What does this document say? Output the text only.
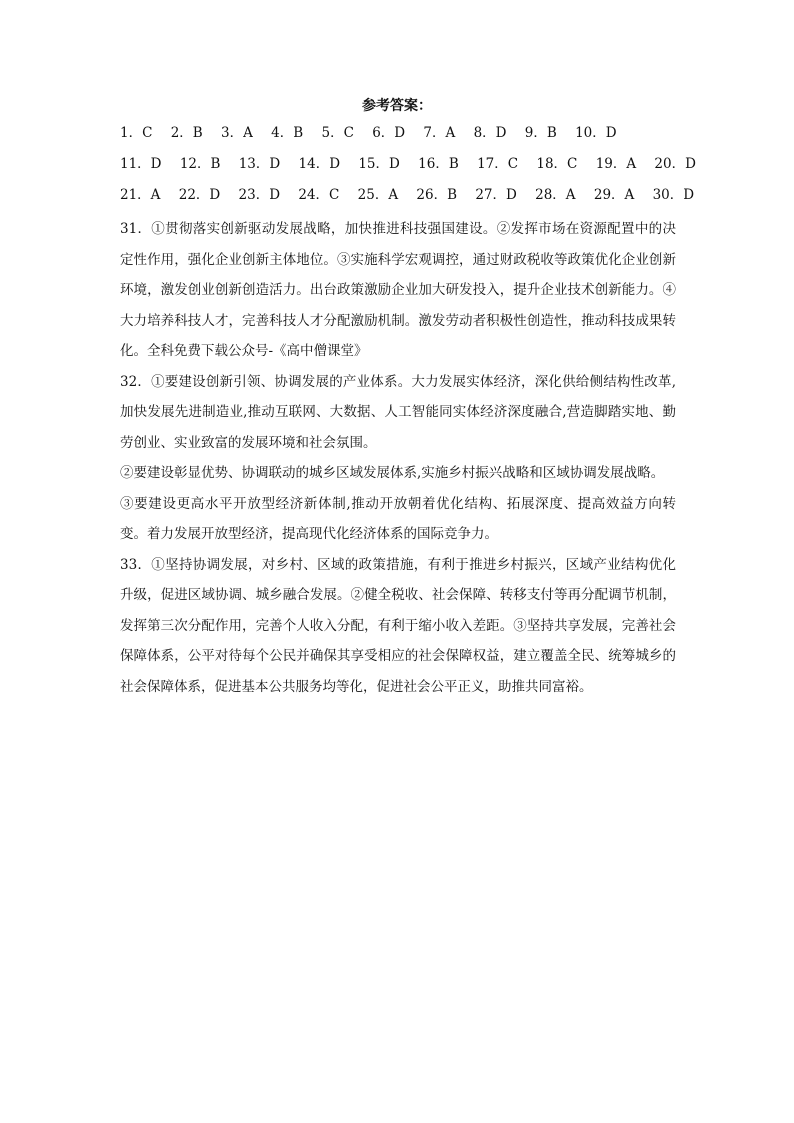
参考答案：
1．C 2．B 3．A 4．B 5．C 6．D 7．A 8．D 9．B 10．D
11．D 12．B 13．D 14．D 15．D 16．B 17．C 18．C 19．A 20．D
21．A 22．D 23．D 24．C 25．A 26．B 27．D 28．A 29．A 30．D

31．①贯彻落实创新驱动发展战略，加快推进科技强国建设。②发挥市场在资源配置中的决定性作用，强化企业创新主体地位。③实施科学宏观调控，通过财政税收等政策优化企业创新环境，激发创业创新创造活力。出台政策激励企业加大研发投入，提升企业技术创新能力。④大力培养科技人才，完善科技人才分配激励机制。激发劳动者积极性创造性，推动科技成果转化。全科免费下载公众号-《高中僧课堂》

32．①要建设创新引领、协调发展的产业体系。大力发展实体经济，深化供给侧结构性改革,加快发展先进制造业,推动互联网、大数据、人工智能同实体经济深度融合,营造脚踏实地、勤劳创业、实业致富的发展环境和社会氛围。

②要建设彰显优势、协调联动的城乡区域发展体系,实施乡村振兴战略和区域协调发展战略。

③要建设更高水平开放型经济新体制,推动开放朝着优化结构、拓展深度、提高效益方向转变。着力发展开放型经济，提高现代化经济体系的国际竞争力。

33．①坚持协调发展，对乡村、区域的政策措施，有利于推进乡村振兴，区域产业结构优化升级，促进区域协调、城乡融合发展。②健全税收、社会保障、转移支付等再分配调节机制，发挥第三次分配作用，完善个人收入分配，有利于缩小收入差距。③坚持共享发展，完善社会保障体系，公平对待每个公民并确保其享受相应的社会保障权益，建立覆盖全民、统筹城乡的社会保障体系，促进基本公共服务均等化，促进社会公平正义，助推共同富裕。
